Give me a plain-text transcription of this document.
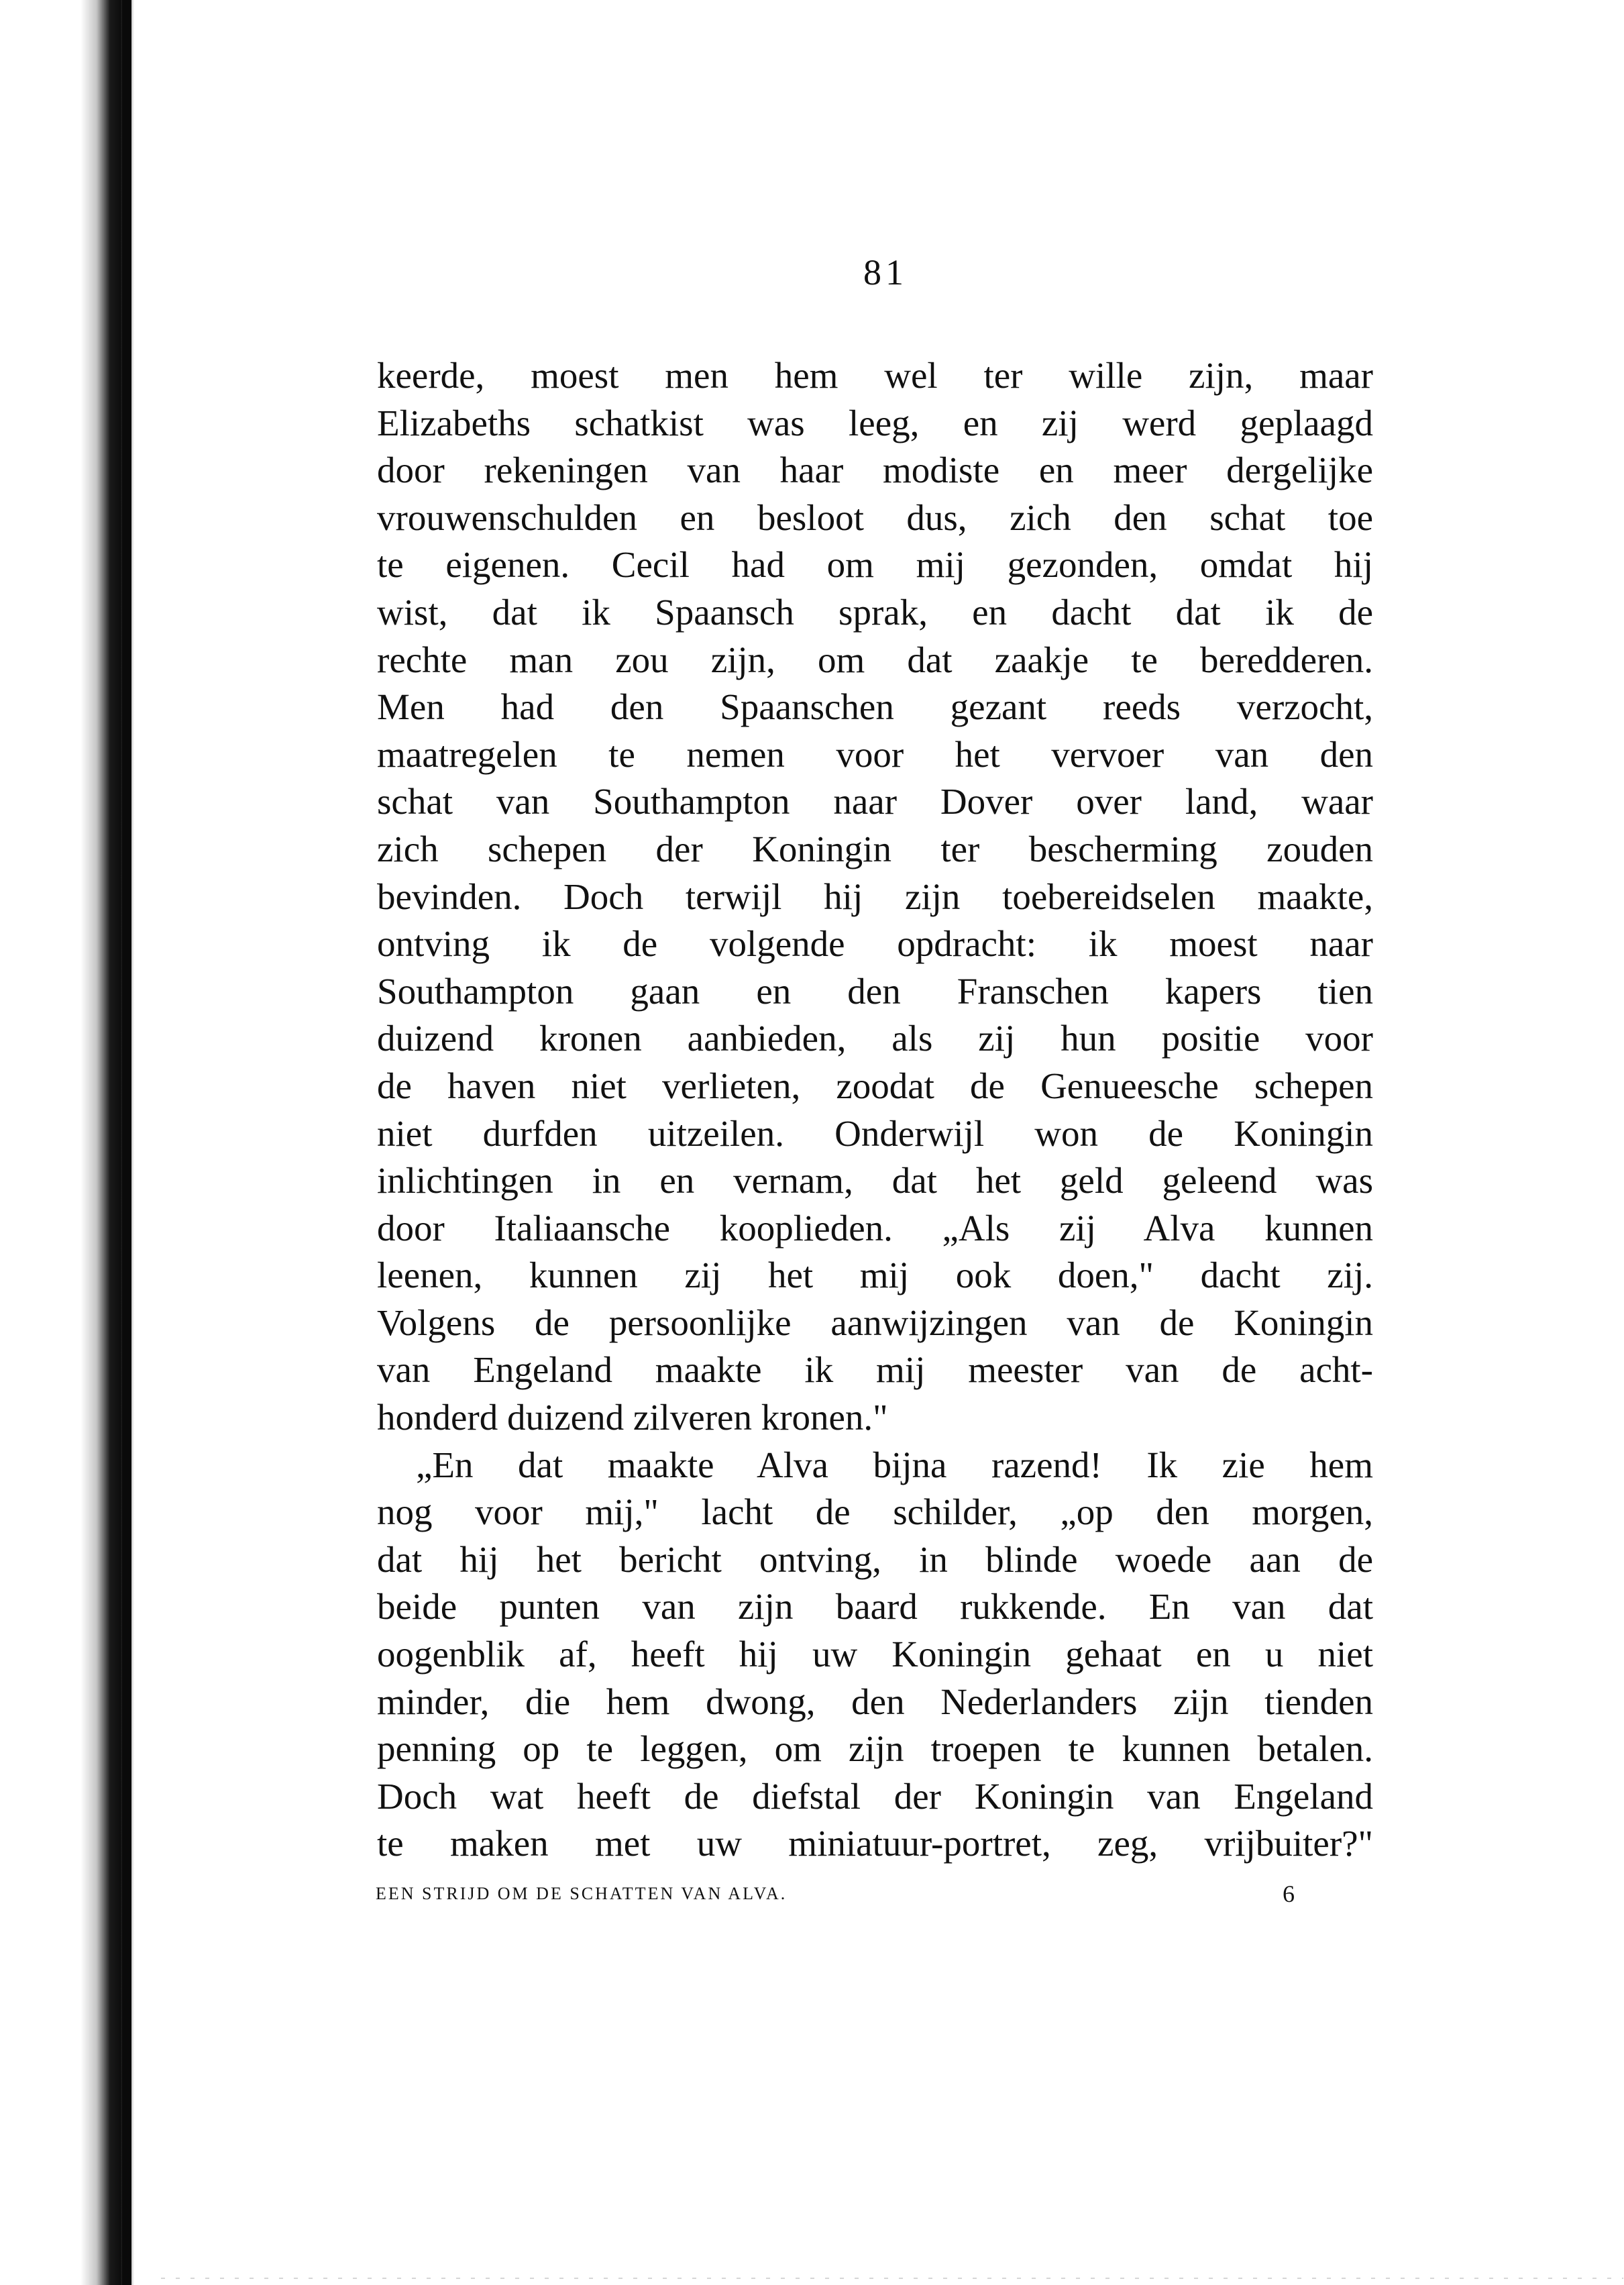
81
keerde, moest men hem wel ter wille zijn, maar
Elizabeths schatkist was leeg, en zij werd geplaagd
door rekeningen van haar modiste en meer dergelijke
vrouwenschulden en besloot dus, zich den schat toe
te eigenen. Cecil had om mij gezonden, omdat hij
wist, dat ik Spaansch sprak, en dacht dat ik de
rechte man zou zijn, om dat zaakje te beredderen.
Men had den Spaanschen gezant reeds verzocht,
maatregelen te nemen voor het vervoer van den
schat van Southampton naar Dover over land, waar
zich schepen der Koningin ter bescherming zouden
bevinden. Doch terwijl hij zijn toebereidselen maakte,
ontving ik de volgende opdracht: ik moest naar
Southampton gaan en den Franschen kapers tien
duizend kronen aanbieden, als zij hun positie voor
de haven niet verlieten, zoodat de Genueesche schepen
niet durfden uitzeilen. Onderwijl won de Koningin
inlichtingen in en vernam, dat het geld geleend was
door Italiaansche kooplieden. „Als zij Alva kunnen
leenen, kunnen zij het mij ook doen," dacht zij.
Volgens de persoonlijke aanwijzingen van de Koningin
van Engeland maakte ik mij meester van de acht-
honderd duizend zilveren kronen."
„En dat maakte Alva bijna razend! Ik zie hem
nog voor mij," lacht de schilder, „op den morgen,
dat hij het bericht ontving, in blinde woede aan de
beide punten van zijn baard rukkende. En van dat
oogenblik af, heeft hij uw Koningin gehaat en u niet
minder, die hem dwong, den Nederlanders zijn tienden
penning op te leggen, om zijn troepen te kunnen betalen.
Doch wat heeft de diefstal der Koningin van Engeland
te maken met uw miniatuur-portret, zeg, vrijbuiter?"
EEN STRIJD OM DE SCHATTEN VAN ALVA.	6
